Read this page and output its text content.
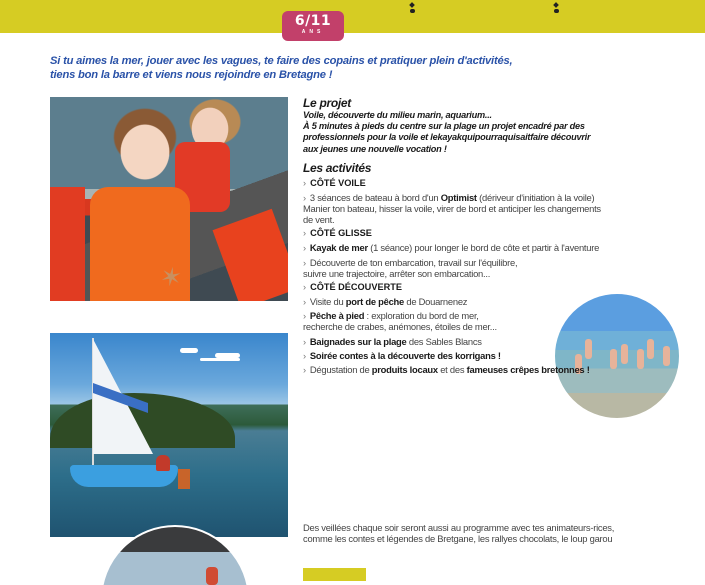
6/11
ANS
Si tu aimes la mer, jouer avec les vagues, te faire des copains et pratiquer plein d'activités,
tiens bon la barre et viens nous rejoindre en Bretagne !
✶
Le projet
Voile, découverte du milieu marin, aquarium...
À 5 minutes à pieds du centre sur la plage un projet encadré par des
professionnels pour la voile et lekayakquipourraquisaitfaire découvrir
aux jeunes une nouvelle vocation !
Les activités
› CÔTÉ VOILE
› 3 séances de bateau à bord d'un Optimist (dériveur d'initiation à la voile)
Manier ton bateau, hisser la voile, virer de bord et anticiper les changements
de vent.
› CÔTÉ GLISSE
› Kayak de mer (1 séance) pour longer le bord de côte et partir à l'aventure
› Découverte de ton embarcation, travail sur l'équilibre,
suivre une trajectoire, arrêter son embarcation...
› CÔTÉ DÉCOUVERTE
› Visite du port de pêche de Douarnenez
› Pêche à pied : exploration du bord de mer,
recherche de crabes, anémones, étoiles de mer...
› Baignades sur la plage des Sables Blancs
› Soirée contes à la découverte des korrigans !
› Dégustation de produits locaux et des fameuses crêpes bretonnes !
Des veillées chaque soir seront aussi au programme avec tes animateurs-rices,
comme les contes et légendes de Bretgane, les rallyes chocolats, le loup garou
